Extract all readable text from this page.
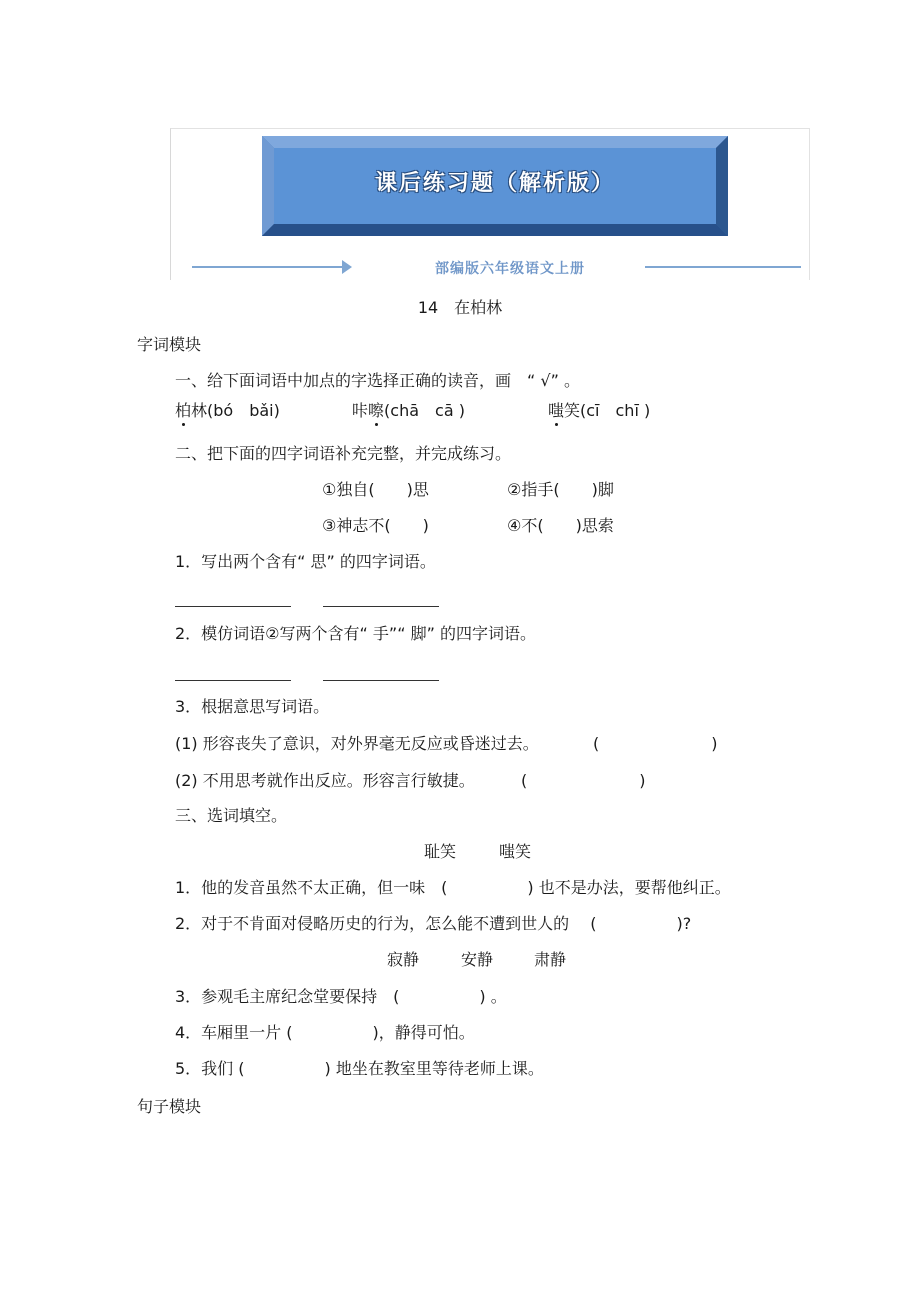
课后练习题（解析版）
部编版六年级语文上册
14　在柏林
字词模块
一、给下面词语中加点的字选择正确的读音，画　“ √” 。
柏林(bó　bǎi)	咔嚓(chā　cā )	嗤笑(cī　chī )
二、把下面的四字词语补充完整，并完成练习。
①独自(　　)思	②指手(　　)脚
③神志不(　　)	④不(　　)思索
1．写出两个含有“ 思” 的四字词语。
2．模仿词语②写两个含有“ 手”“ 脚” 的四字词语。
3．根据意思写词语。
(1) 形容丧失了意识，对外界毫无反应或昏迷过去。	(　　　　　　　)
(2) 不用思考就作出反应。形容言行敏捷。	(　　　　　　　)
三、选词填空。
耻笑	嗤笑
1．他的发音虽然不太正确，但一味　(　　　　　) 也不是办法，要帮他纠正。
2．对于不肯面对侵略历史的行为，怎么能不遭到世人的　 (　　　　　)?
寂静	安静	肃静
3．参观毛主席纪念堂要保持　(　　　　　) 。
4．车厢里一片 (　　　　　)，静得可怕。
5．我们 (　　　　　) 地坐在教室里等待老师上课。
句子模块
